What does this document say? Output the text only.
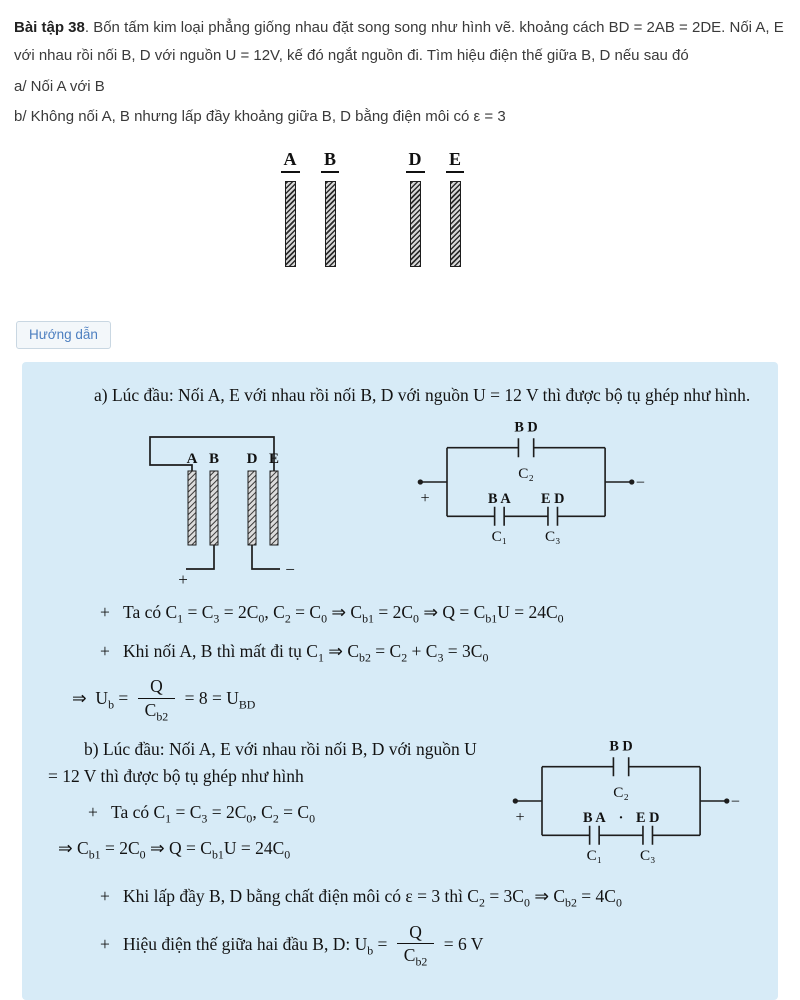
Bài tập 38. Bốn tấm kim loại phẳng giống nhau đặt song song như hình vẽ. khoảng cách BD = 2AB = 2DE. Nối A, E với nhau rồi nối B, D với nguồn U = 12V, kế đó ngắt nguồn đi. Tìm hiệu điện thế giữa B, D nếu sau đó

a/ Nối A với B

b/ Không nối A, B nhưng lấp đầy khoảng giữa B, D bằng điện môi có ε = 3

A B	D E
Hướng dẫn

a) Lúc đầu: Nối A, E với nhau rồi nối B, D với nguồn U = 12 V thì được bộ tụ ghép như hình.

A B D E
+
−
B D
C₂
B A E D
C₁ C₃
+
−

+   Ta có $C_1 = C_3 = 2C_0$, $C_2 = C_0$ ⇒ $C_{b1} = 2C_0$ ⇒ $Q = C_{b1}U = 24C_0$

+   Khi nối A, B thì mất đi tụ $C_1$ ⇒ $C_{b2} = C_2 + C_3 = 3C_0$

⇒  $U_b = \frac{Q}{C_{b2}} = 8 = U_{BD}$

b) Lúc đầu: Nối A, E với nhau rồi nối B, D với nguồn U = 12 V thì được bộ tụ ghép như hình

+   Ta có $C_1 = C_3 = 2C_0$, $C_2 = C_0$

⇒ $C_{b1} = 2C_0$ ⇒ $Q = C_{b1}U = 24C_0$

B D
C₂
B A · E D
C₁ C₃
+
−

+   Khi lấp đầy B, D bằng chất điện môi có ε = 3 thì $C_2 = 3C_0$ ⇒ $C_{b2} = 4C_0$

+   Hiệu điện thế giữa hai đầu B, D: $U_b = \frac{Q}{C_{b2}} = 6$ V
